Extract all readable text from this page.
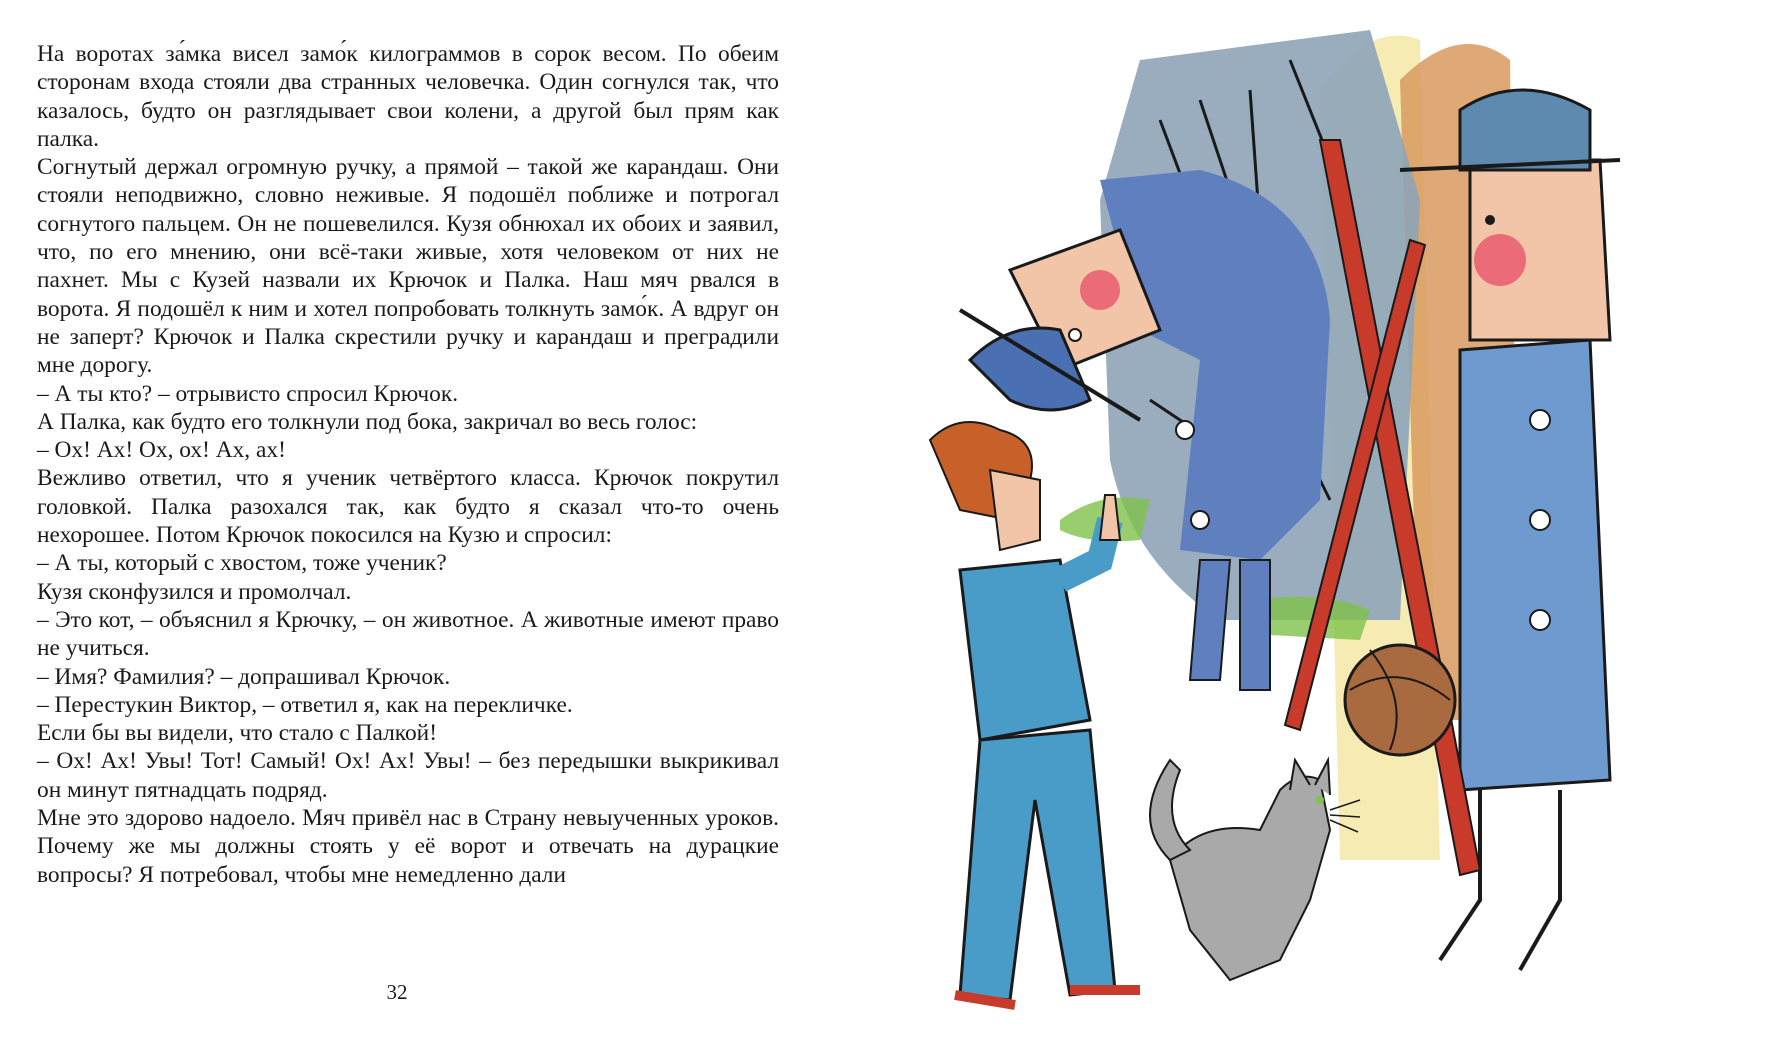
На воротах за́мка висел замо́к килограммов в сорок весом. По обеим сторонам входа стояли два странных человечка. Один согнулся так, что казалось, будто он разглядывает свои колени, а другой был прям как палка.

Согнутый держал огромную ручку, а прямой – такой же карандаш. Они стояли неподвижно, словно неживые. Я подошёл поближе и потрогал согнутого пальцем. Он не пошевелился. Кузя обнюхал их обоих и заявил, что, по его мнению, они всё-таки живые, хотя человеком от них не пахнет. Мы с Кузей назвали их Крючок и Палка. Наш мяч рвался в ворота. Я подошёл к ним и хотел попробовать толкнуть замо́к. А вдруг он не заперт? Крючок и Палка скрестили ручку и карандаш и преградили мне дорогу.

– А ты кто? – отрывисто спросил Крючок.

А Палка, как будто его толкнули под бока, закричал во весь голос:

– Ох! Ах! Ох, ох! Ах, ах!

Вежливо ответил, что я ученик четвёртого класса. Крючок покрутил головкой. Палка разохался так, как будто я сказал что-то очень нехорошее. Потом Крючок покосился на Кузю и спросил:

– А ты, который с хвостом, тоже ученик?

Кузя сконфузился и промолчал.

– Это кот, – объяснил я Крючку, – он животное. А животные имеют право не учиться.

– Имя? Фамилия? – допрашивал Крючок.

– Перестукин Виктор, – ответил я, как на перекличке.

Если бы вы видели, что стало с Палкой!

– Ох! Ах! Увы! Тот! Самый! Ох! Ах! Увы! – без передышки выкрикивал он минут пятнадцать подряд.

Мне это здорово надоело. Мяч привёл нас в Страну невыученных уроков. Почему же мы должны стоять у её ворот и отвечать на дурацкие вопросы? Я потребовал, чтобы мне немедленно дали

32
